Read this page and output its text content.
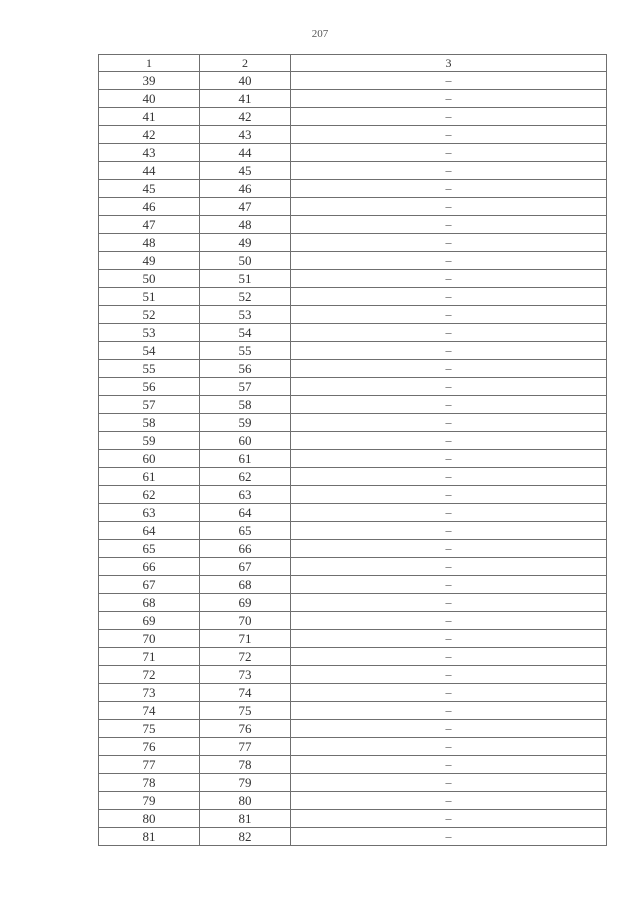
207
1	2	3
39	40	–
40	41	–
41	42	–
42	43	–
43	44	–
44	45	–
45	46	–
46	47	–
47	48	–
48	49	–
49	50	–
50	51	–
51	52	–
52	53	–
53	54	–
54	55	–
55	56	–
56	57	–
57	58	–
58	59	–
59	60	–
60	61	–
61	62	–
62	63	–
63	64	–
64	65	–
65	66	–
66	67	–
67	68	–
68	69	–
69	70	–
70	71	–
71	72	–
72	73	–
73	74	–
74	75	–
75	76	–
76	77	–
77	78	–
78	79	–
79	80	–
80	81	–
81	82	–
